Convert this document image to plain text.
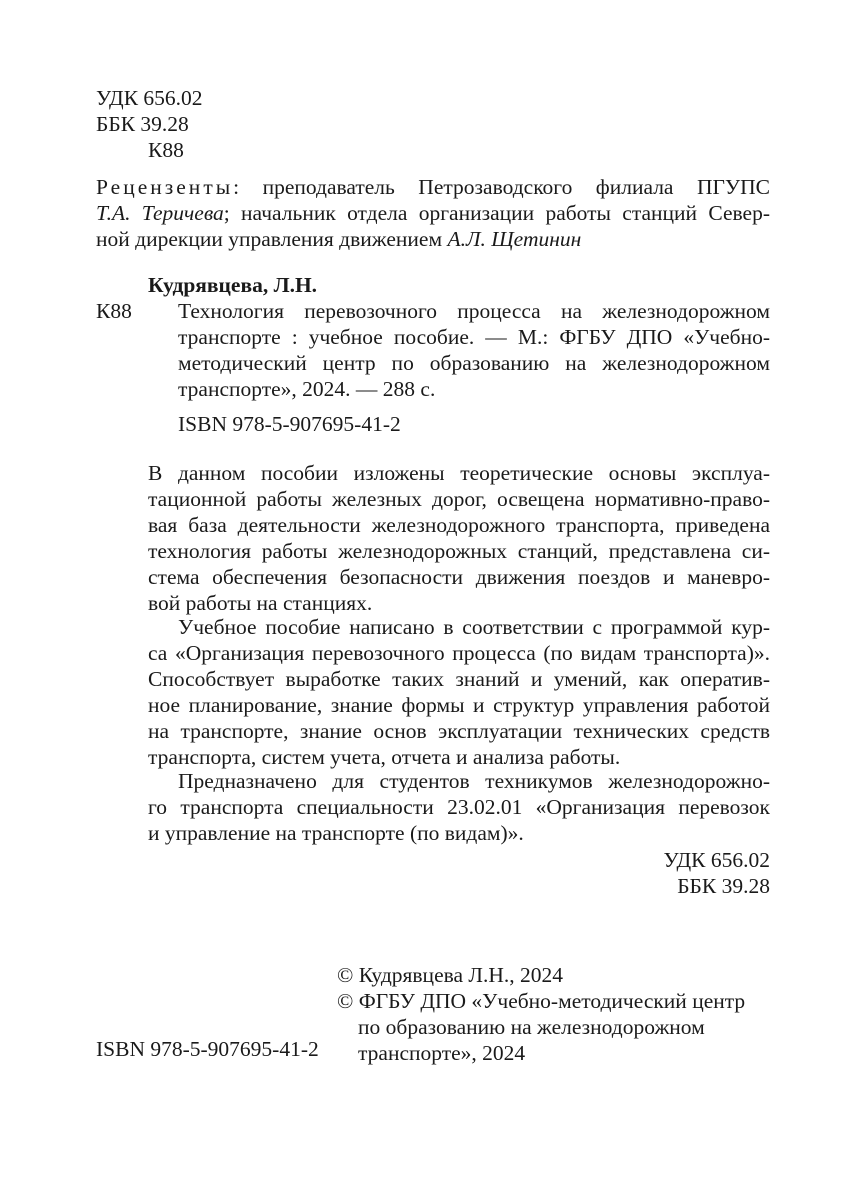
УДК 656.02
ББК 39.28
К88
Рецензенты: преподаватель Петрозаводского филиала ПГУПС
Т.А. Теричева; начальник отдела организации работы станций Север-
ной дирекции управления движением А.Л. Щетинин
Кудрявцева, Л.Н.
К88 Технология перевозочного процесса на железнодорожном
транспорте : учебное пособие. — М.: ФГБУ ДПО «Учебно-
методический центр по образованию на железнодорожном
транспорте», 2024. — 288 с.
ISBN 978-5-907695-41-2
В данном пособии изложены теоретические основы эксплуа-
тационной работы железных дорог, освещена нормативно-право-
вая база деятельности железнодорожного транспорта, приведена
технология работы железнодорожных станций, представлена си-
стема обеспечения безопасности движения поездов и маневро-
вой работы на станциях.
Учебное пособие написано в соответствии с программой кур-
са «Организация перевозочного процесса (по видам транспорта)».
Способствует выработке таких знаний и умений, как оператив-
ное планирование, знание формы и структур управления работой
на транспорте, знание основ эксплуатации технических средств
транспорта, систем учета, отчета и анализа работы.
Предназначено для студентов техникумов железнодорожно-
го транспорта специальности 23.02.01 «Организация перевозок
и управление на транспорте (по видам)».
УДК 656.02
ББК 39.28
© Кудрявцева Л.Н., 2024
© ФГБУ ДПО «Учебно-методический центр
по образованию на железнодорожном
транспорте», 2024
ISBN 978-5-907695-41-2
